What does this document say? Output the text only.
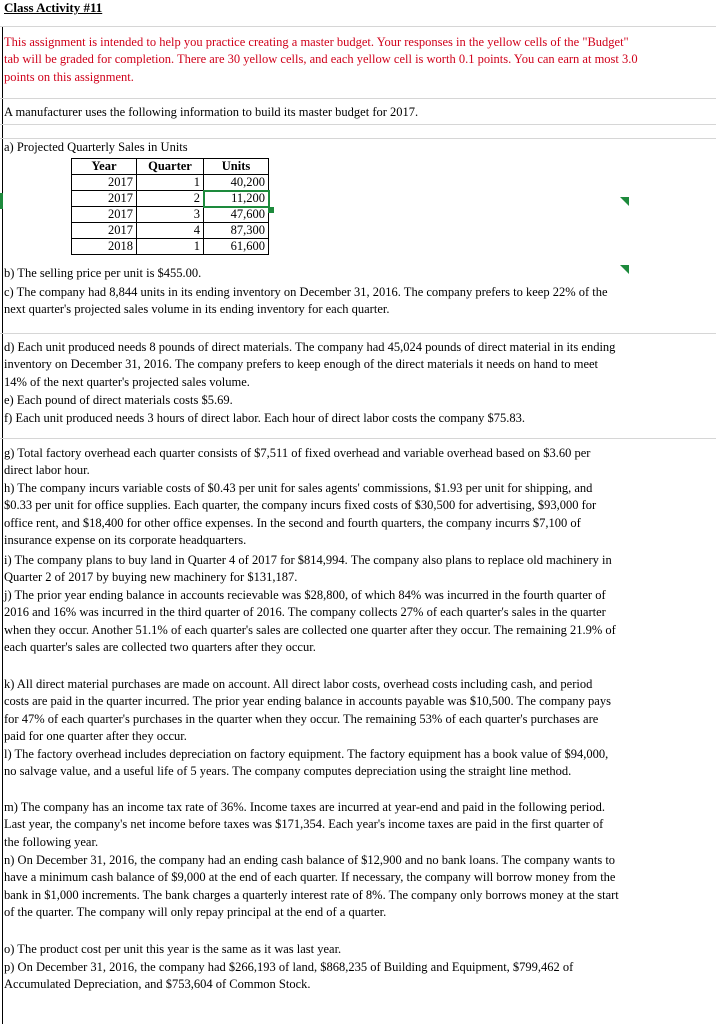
Class Activity #11
This assignment is intended to help you practice creating a master budget. Your responses in the yellow cells of the "Budget" tab will be graded for completion. There are 30 yellow cells, and each yellow cell is worth 0.1 points. You can earn at most 3.0 points on this assignment.
A manufacturer uses the following information to build its master budget for 2017.
a) Projected Quarterly Sales in Units
Year	Quarter	Units
2017	1	40,200
2017	2	11,200
2017	3	47,600
2017	4	87,300
2018	1	61,600
b) The selling price per unit is $455.00.
c) The company had 8,844 units in its ending inventory on December 31, 2016. The company prefers to keep 22% of the next quarter's projected sales volume in its ending inventory for each quarter.
d) Each unit produced needs 8 pounds of direct materials. The company had 45,024 pounds of direct material in its ending inventory on December 31, 2016. The company prefers to keep enough of the direct materials it needs on hand to meet 14% of the next quarter's projected sales volume.
e) Each pound of direct materials costs $5.69.
f) Each unit produced needs 3 hours of direct labor. Each hour of direct labor costs the company $75.83.
g) Total factory overhead each quarter consists of $7,511 of fixed overhead and variable overhead based on $3.60 per direct labor hour.
h) The company incurs variable costs of $0.43 per unit for sales agents' commissions, $1.93 per unit for shipping, and $0.33 per unit for office supplies. Each quarter, the company incurs fixed costs of $30,500 for advertising, $93,000 for office rent, and $18,400 for other office expenses. In the second and fourth quarters, the company incurrs $7,100 of insurance expense on its corporate headquarters.
i) The company plans to buy land in Quarter 4 of 2017 for $814,994. The company also plans to replace old machinery in Quarter 2 of 2017 by buying new machinery for $131,187.
j) The prior year ending balance in accounts recievable was $28,800, of which 84% was incurred in the fourth quarter of 2016 and 16% was incurred in the third quarter of 2016. The company collects 27% of each quarter's sales in the quarter when they occur. Another 51.1% of each quarter's sales are collected one quarter after they occur. The remaining 21.9% of each quarter's sales are collected two quarters after they occur.
k) All direct material purchases are made on account. All direct labor costs, overhead costs including cash, and period costs are paid in the quarter incurred. The prior year ending balance in accounts payable was $10,500. The company pays for 47% of each quarter's purchases in the quarter when they occur. The remaining 53% of each quarter's purchases are paid for one quarter after they occur.
l) The factory overhead includes depreciation on factory equipment. The factory equipment has a book value of $94,000, no salvage value, and a useful life of 5 years. The company computes depreciation using the straight line method.
m) The company has an income tax rate of 36%. Income taxes are incurred at year-end and paid in the following period. Last year, the company's net income before taxes was $171,354. Each year's income taxes are paid in the first quarter of the following year.
n) On December 31, 2016, the company had an ending cash balance of $12,900 and no bank loans. The company wants to have a minimum cash balance of $9,000 at the end of each quarter. If necessary, the company will borrow money from the bank in $1,000 increments. The bank charges a quarterly interest rate of 8%. The company only borrows money at the start of the quarter. The company will only repay principal at the end of a quarter.
o) The product cost per unit this year is the same as it was last year.
p) On December 31, 2016, the company had $266,193 of land, $868,235 of Building and Equipment, $799,462 of Accumulated Depreciation, and $753,604 of Common Stock.
